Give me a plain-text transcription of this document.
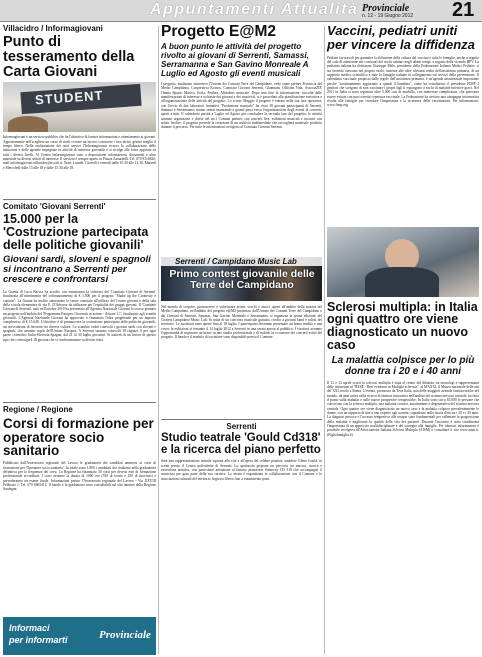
Appuntamenti Attualità Provinciale
n. 12 - 19 Giugno 2012 21
Villacidro / Informagiovani
Punto di tesseramento della Carta Giovani
STUDENT
Informagiovani è un servizio pubblico che ha l'obiettivo di fornire informazioni e orientamento ai giovani. Appositamente nell'scegliere un corso di studi, cercare un lavoro, conoscere i loro diritti, gestire meglio il tempo libero. Nella realizzazione dei suoi servizi l'Informagiovani ricerca la collaborazione delle istituzioni e delle agenzie impegnate in attività di interesse giovanile e si rivolge alle forze apposite su tutti i diversi livelli. Al Centro Informagiovani sono a disposizione informazioni, documenti e altro materiale su diversi settori di interesse. Il servizio è sempre aperto in Piazza Zanardelli. Tel. 070 9316820; mail informagiovani.villacidro@tiscali.it. Orari: Lunedì, Giovedì e venerdì dalle 10.30 alle 12.30. Martedì e Mercoledì dalle 15 alle 18 e dalle 15.30 alle 18.
Comitato 'Giovani Serrenti'
15.000 per la 'Costruzione partecipata delle politiche giovanili'
Giovani sardi, sloveni e spagnoli si incontrano a Serrenti per crescere e confrontarsi
La Giunta di Luca Baccia ha accolto con entusiasmo la richiesta del 'Comitato Giovani di Serrenti' finalizzata all'ottenimento del cofinanziamento di € 1.500 per il progetto "Shake up the Creativity e contatti". La Giunta ha inoltre autorizzato le stesse comitato all'utilizzo del Centro giovani e della sala della scuola elementare di via E. D'Arborea da utilizzare per l'ospitalità dei gruppi giovani. Il 'Comitato Giovani di Serrenti', nato nell'ottobre 2010 ha presentato all'Agenzia Nazionale Giovani lo scorso gennaio un progetto nell'ambito del 'Programma Europeo Gioventù in azione - Azione 1.1', finalizzato agli scambi giovanili. L'Agenzia Nazionale Giovani ha approvato e finanziato l'idea progettuale per un importo complessivo di € 15.648. L'obiettivo è di promuovere la costruzione partecipata delle politiche giovanili, sui meccanismi di incontro tra diverse culture. Lo scambio vedrà coinvolti i giovani sardi con sloveni e spagnoli, che saranno ospiti dell'Unione Europea. A Serrenti saranno coinvolti 18 ragazzi, 6 per ogni paese coinvolto: Italia-Slovenia-Spagna, dal 21 al 30 luglio prossimi. Si tratterà di un lavoro di questo tipo che coinvolgerà 18 giovani che si confronteranno su diversi temi.
Regione / Regione
Corsi di formazione per operatore socio sanitario
Pubblicato dall'Assessorato regionale del Lavoro le graduatorie dei candidati ammessi ai corsi di formazione per 'Operatore socio sanitario'. In totale sono 1.800 i candidati che risultano nella graduatoria definitiva per la frequenza dei corsi. La Regione ha finanziato 30 corsi per diversi enti di formazione professionale accreditati. I corsi avranno la durata di 1000 ore (550 di teoria e 450 di tirocinio) e prevederanno un esame finale. Informazioni presso l'Assessorato regionale del Lavoro - Via XXVIII Febbraio 1. Tel. 070 6065412. Il bando e la graduatoria sono consultabili sul sito internet della Regione Sardegna.
Informaci
per informarti	Provinciale
Progetto E@M2
A buon punto le attività del progetto rivolto ai giovani di Serrenti, Samassi, Serramanna e San Gavino Monreale A Luglio ed Agosto gli eventi musicali
I progetto, analizzato attraverso l'Unione dei Comuni Terre del Campidano, vede come partner Provincia del Medio Campidano, Cooperativa Koinos, Comitato Giovani Serrenti, Ghannam, Officina Vida, AssociaZIP, Omnia Spazio Musica, Erola, Fenhea, Altinobus musicale. Dopo una fase di informazione, raccolta delle manifestazioni di interesse e richieste dei giovani e dei musicisti, si è proceduto alla pianificazione esecutiva e all'organizzazione delle attività del progetto. Lo scorso Maggio il progetto è entrato nella sua fase operativa, con l'avvio di due laboratori formativi "Produzione musicale" ha visto 18 giovani partecipanti di Serrenti, Samassi e Serramanna; stanno ormai avanzando a grandi passi verso l'organizzazione degli eventi di concerti, aperti a tutti. Il calendario partirà a Luglio ed Agosto per concludere la seconda fase del progetto: le attività saranno organizzate e divise nel tra i Comuni partner, con concerti live, esibizioni musicali e incontri con artisti. Inoltre, il progetto prevede la creazione di un archivio multimediale che raccoglierà materiale prodotto durante il percorso. Per tutte le informazioni rivolgersi al Comitato Giovani Serrenti.
Serrenti / Campidano Music Lab
Primo contest giovanile delle Terre del Campidano
Nel mondo di scoprire, promuovere e valorizzare artisti, vecchi o nuovi, aperti all'ambito della musica nel Medio Campidano, nell'ambito del progetto e@M2 promosso dall'Unione dei Comuni Terre del Campidano e dai Comuni di Serrenti, Samassi, San Gavino Monreale e Serramanna, si organizza la prima edizione del Contest Campidano Music Lab. Si tratta di un concorso musicale gratuito, rivolto a giovani band e solisti del territorio. Le iscrizioni sono aperte fino al 18 luglio. I partecipanti dovranno presentare un brano inedito e una cover, le esibizioni si terranno il 14 luglio 2012 a Serrenti in una serata aperta al pubblico. I vincitori avranno l'opportunità di registrare un brano in uno studio professionale e di esibirsi in occasione dei concerti estivi del progetto. Il bando e il modulo di iscrizione sono disponibili presso il Comune.
Serrenti
Studio teatrale 'Gould Cd318' e la ricerca del piano perfetto
Sarà una rappresentazione teatrale ispirata alla vita e all'opera del celebre pianista canadese Glenn Gould, in scena presso il Centro polivalente di Serrenti. Lo spettacolo propone un percorso tra musica, ricerca e ossessione artistica, con particolare attenzione al famoso pianoforte Steinway CD 318 che accompagnò il musicista per gran parte della sua carriera. La serata è organizzata in collaborazione con il Comune e le associazioni culturali del territorio. Ingresso libero fino a esaurimento posti.
Vaccini, pediatri uniti per vincere la diffidenza
Pediatri favorevoli per garantire la diffusione della cultura del vaccino e tutte le famiglie, anche a seguito del calo di attenzione nei confronti dei rischi sanitari negli ultimi tempi, a seguito della vicenda HPV. La pediatria italiana ha dichiarato Giuseppe Mele, presidente della Federazione Italiana Medici Pediatri: si sta facendo ciascuno nel proprio ruolo, insieme alle altre rilevanti realtà dell'assistenza primaria, di un supporto medico scientifico a tutte le famiglie italiane in collegamento sui servizi della prevenzione. Il calendario vaccinale proposto dalle regole dell'assistenza primaria, è un'agenda assistenziale importante perché "continuamente aggiornato a quindi il bambino", come ha sottolineato il presidente FIMP. I genitori che scelgono di non vaccinare i propri figli li espongono a rischi di malattie infettive gravi. Nel 2011 in Italia si sono registrati oltre 5.000 casi di morbillo, con numerose complicanze, che potevano essere evitate con una corretta copertura vaccinale. La Federazione ha avviato una campagna informativa rivolta alle famiglie per ricordare l'importanza e la sicurezza delle vaccinazioni. Per informazioni: www.fimp.org
Sclerosi multipla: in Italia ogni quattro ore viene diagnosticato un nuovo caso
La malattia colpisce per lo più donne tra i 20 e i 40 anni
Il 12 e 13 aprile scorsi la sclerosi multipla è stata al centro del dibattito tra neurologi e rappresentanti delle istituzioni al "RESE - Best evidence in Multiple sclerosis", al MAXXI, il Museo nazionale delle arti del XXI secolo a Roma. L'evento, promosso da Teva Italia, una delle maggiori aziende farmaceutiche nel mondo, da anni attiva nella ricerca di farmaci innovativi nell'ambito del sistema nervoso centrale, ha fatto il punto sulla malattia e sulle nuove prospettive terapeutiche. In Italia sono circa 65.000 le persone che convivono con la sclerosi multipla, una malattia cronica, autoimmune e degenerativa del sistema nervoso centrale. Ogni quattro ore viene diagnosticato un nuovo caso e la malattia colpisce prevalentemente le donne, con un rapporto di due a uno rispetto agli uomini, soprattutto nella fascia d'età tra i 20 e i 40 anni. La diagnosi precoce e l'accesso tempestivo alle terapie sono fondamentali per rallentare la progressione della malattia e migliorare la qualità della vita dei pazienti. Durante l'incontro è stata sottolineata l'importanza di un approccio multidisciplinare e del sostegno alle famiglie. Per ulteriori informazioni è possibile rivolgersi all'Associazione Italiana Sclerosi Multipla (AISM) o consultare il sito www.aism.it. (Figliofamiglia.it)
